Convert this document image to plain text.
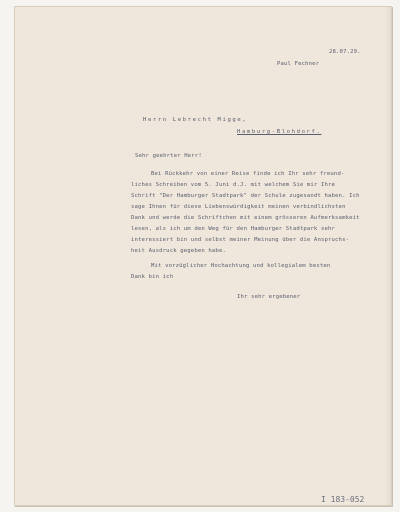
28.07.29.
Paul Fechner
Herrn Lebrecht Migge,
Hamburg-Blohdorf.
Sehr geehrter Herr!
Bei Rückkehr von einer Reise finde ich Ihr sehr freund-
liches Schreiben vom 5. Juni d.J. mit welchem Sie mir Ihre
Schrift "Der Hamburger Stadtpark" der Schule zugesandt haben. Ich
sage Ihnen für diese Liebenswürdigkeit meinen verbindlichsten
Dank und werde die Schriftchen mit einem grösseren Aufmerksamkeit
lesen, als ich um den Weg für den Hamburger Stadtpark sehr
interessiert bin und selbst meiner Meinung über die Anspruchs-
heit Ausdruck gegeben habe.
Mit vorzüglicher Hochachtung und kollegialem besten
Dank bin ich
Ihr sehr ergebener
I 183-052
